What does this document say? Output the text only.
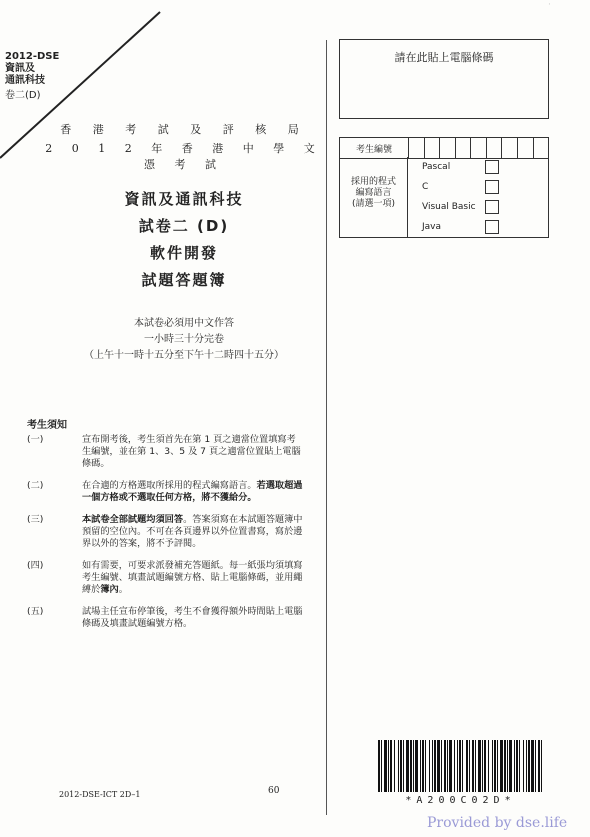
2012-DSE
資訊及
通訊科技
卷二(D)
·
香 港 考 試 及 評 核 局
2 0 1 2 年 香 港 中 學 文 憑 考 試
資訊及通訊科技
試卷二 (D)
軟件開發
試題答題簿
本試卷必須用中文作答
一小時三十分完卷
（上午十一時十五分至下午十二時四十五分）
考生須知
(一)	宣布開考後，考生須首先在第 1 頁之適當位置填寫考生編號，並在第 1、3、5 及 7 頁之適當位置貼上電腦條碼。
(二)	在合適的方格選取所採用的程式編寫語言。若選取超過一個方格或不選取任何方格，將不獲給分。
(三)	本試卷全部試題均須回答。答案須寫在本試題答題簿中預留的空位內。不可在各頁邊界以外位置書寫，寫於邊界以外的答案，將不予評閱。
(四)	如有需要，可要求派發補充答題紙。每一紙張均須填寫考生編號、填畫試題編號方格、貼上電腦條碼，並用繩縛於簿內。
(五)	試場主任宣布停筆後，考生不會獲得額外時間貼上電腦條碼及填畫試題編號方格。
請在此貼上電腦條碼
考生編號
採用的程式
編寫語言
(請選一項)
Pascal
C
Visual Basic
Java
*A200C02D*
2012-DSE-ICT 2D–1	60
Provided by dse.life
